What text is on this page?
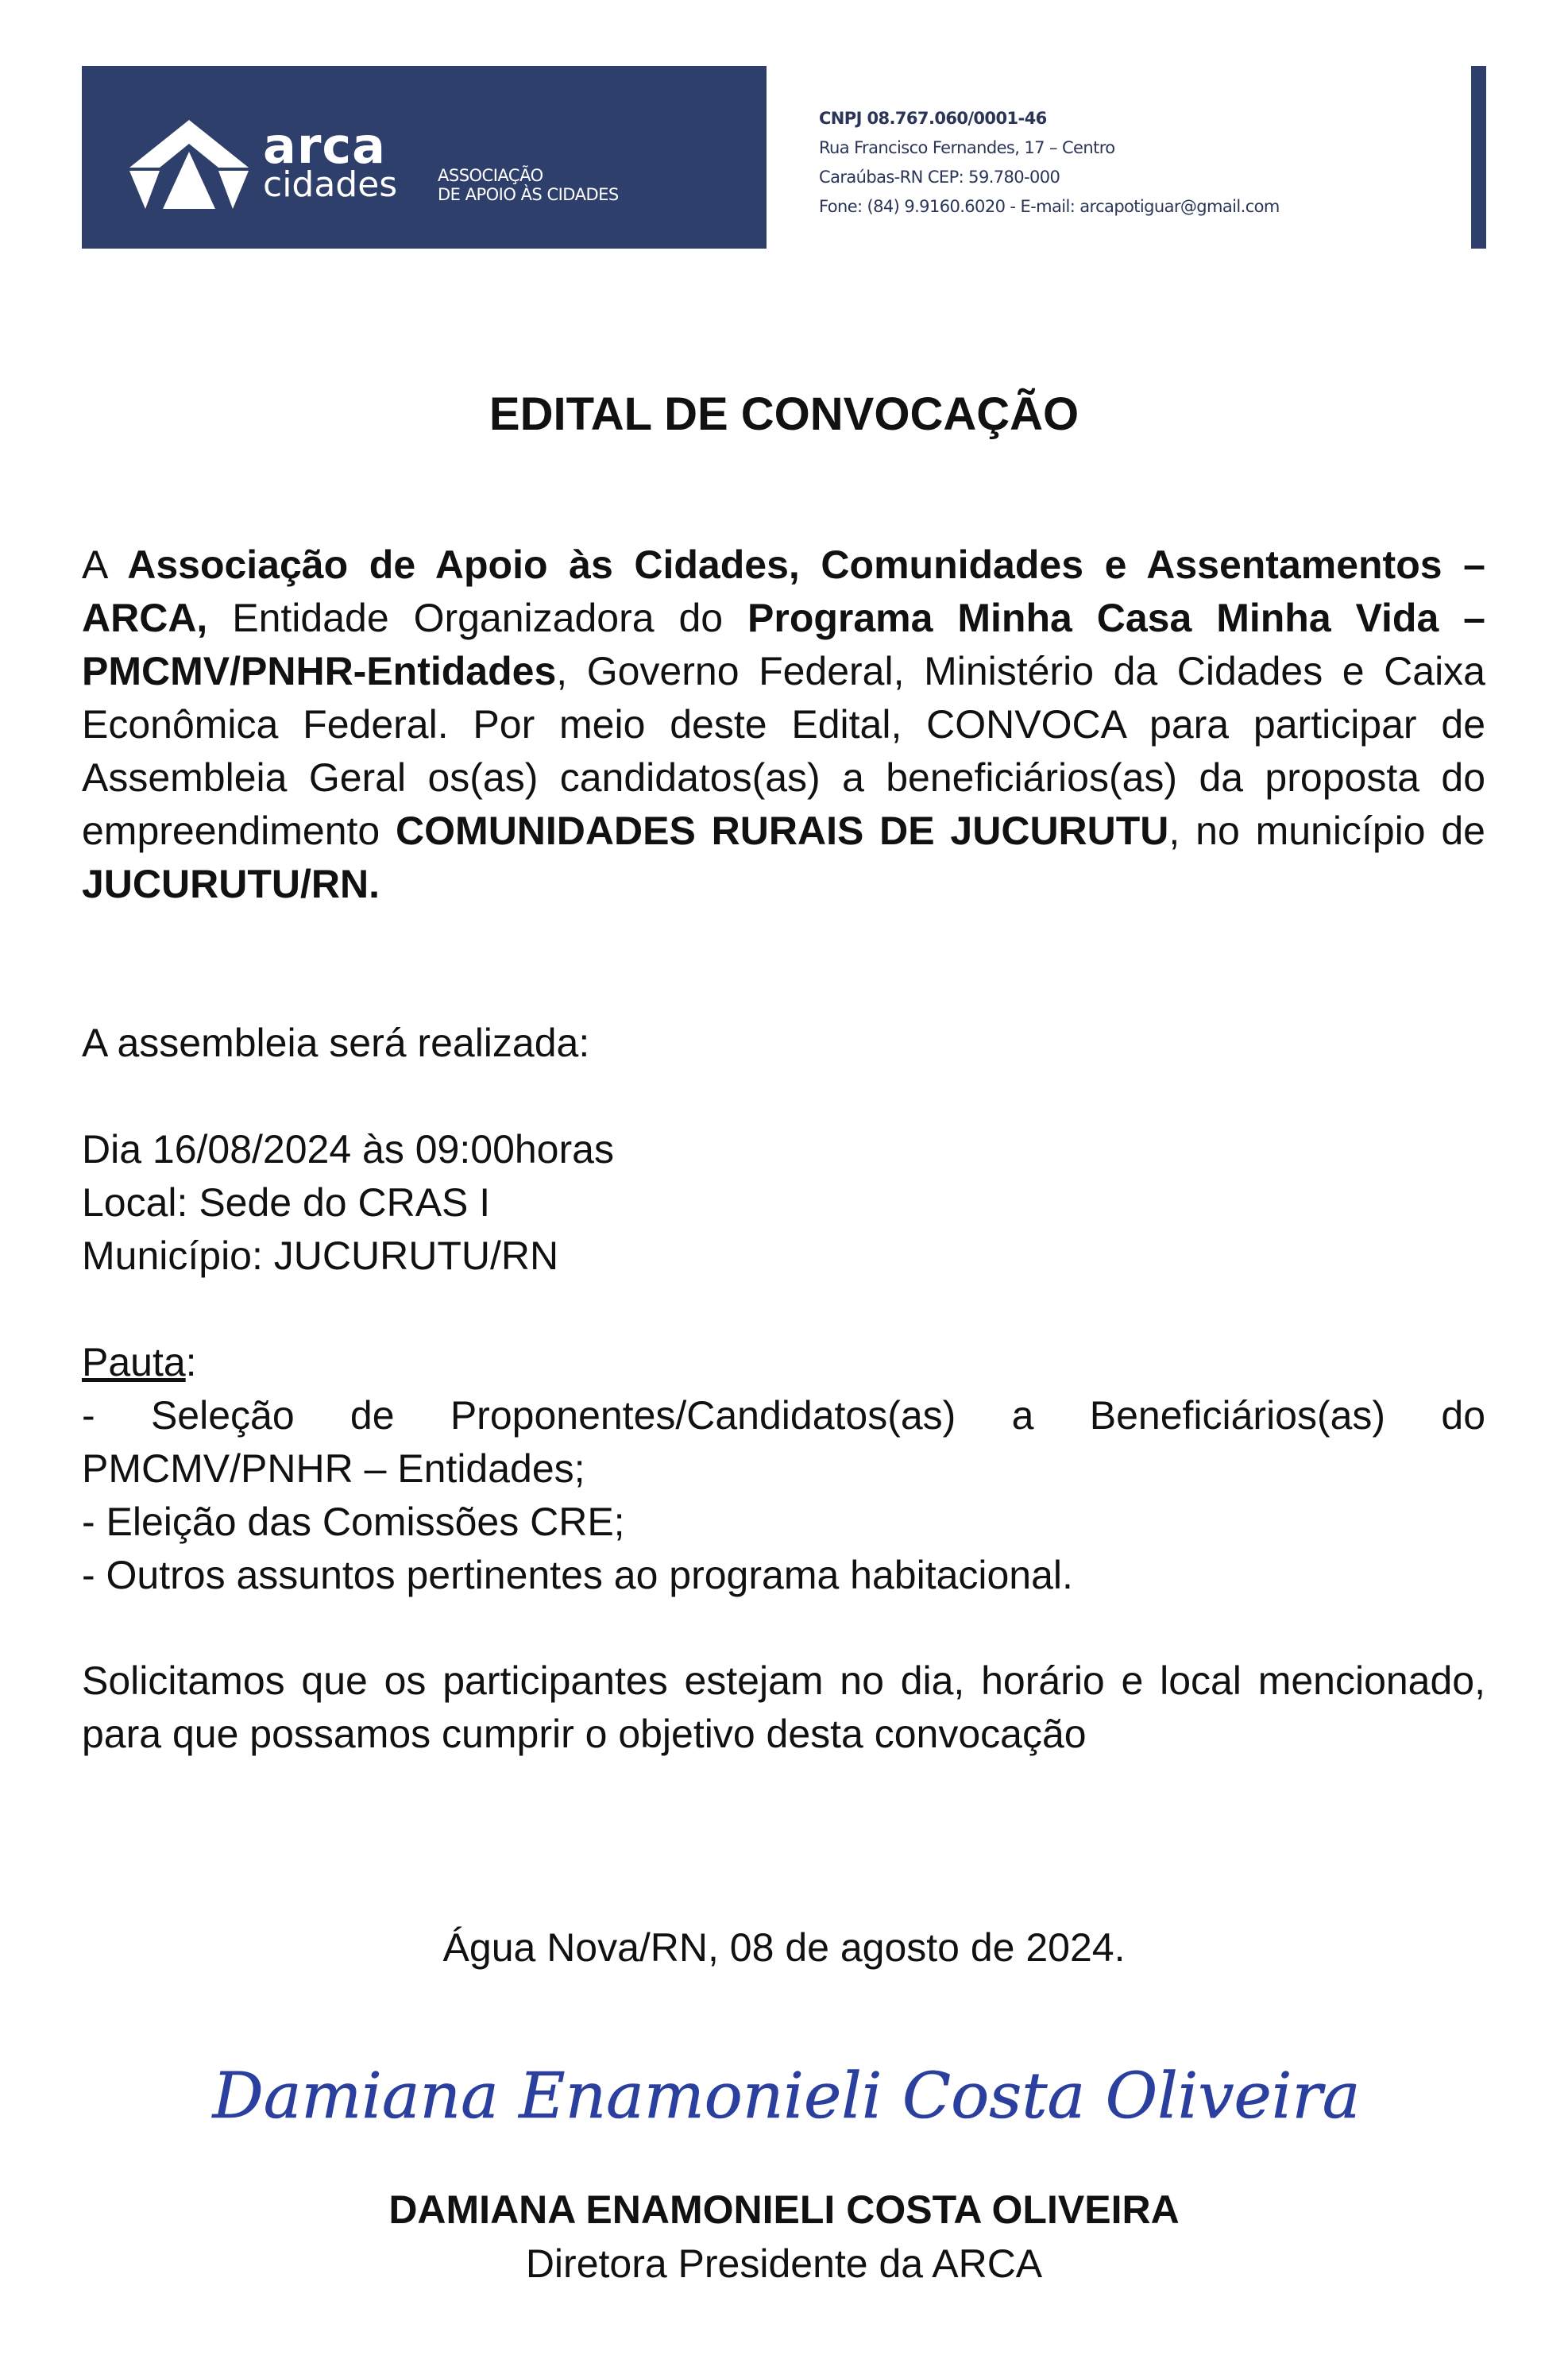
arca
cidades ASSOCIAÇÃO
DE APOIO ÀS CIDADES
CNPJ 08.767.060/0001-46
Rua Francisco Fernandes, 17 – Centro
Caraúbas-RN CEP: 59.780-000
Fone: (84) 9.9160.6020 - E-mail: arcapotiguar@gmail.com
EDITAL DE CONVOCAÇÃO
A Associação de Apoio às Cidades, Comunidades e Assentamentos – ARCA, Entidade Organizadora do Programa Minha Casa Minha Vida – PMCMV/PNHR-Entidades, Governo Federal, Ministério da Cidades e Caixa Econômica Federal. Por meio deste Edital, CONVOCA para participar de Assembleia Geral os(as) candidatos(as) a beneficiários(as) da proposta do empreendimento COMUNIDADES RURAIS DE JUCURUTU, no município de JUCURUTU/RN.
A assembleia será realizada:
Dia 16/08/2024 às 09:00horas
Local: Sede do CRAS I
Município: JUCURUTU/RN
Pauta:
- Seleção de Proponentes/Candidatos(as) a Beneficiários(as) do PMCMV/PNHR – Entidades;
- Eleição das Comissões CRE;
- Outros assuntos pertinentes ao programa habitacional.
Solicitamos que os participantes estejam no dia, horário e local mencionado, para que possamos cumprir o objetivo desta convocação
Água Nova/RN, 08 de agosto de 2024.
Damiana Enamonieli Costa Oliveira
DAMIANA ENAMONIELI COSTA OLIVEIRA
Diretora Presidente da ARCA
